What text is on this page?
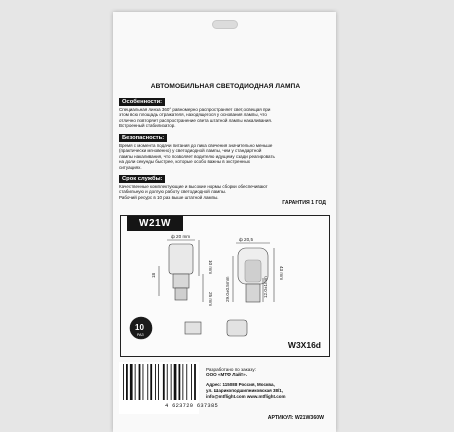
АВТОМОБИЛЬНАЯ СВЕТОДИОДНАЯ ЛАМПА
Особенности:
Специальная линза 360° равномерно распространяет свет,освещая при
этом всю площадь отражателя, находящегося у основания лампы, что
отлично повторяет распространение света штатной лампы накаливания.
Встроенный стабилизатор.
Безопасность:
Время с момента подачи питания до пика свечения значительно меньше
(практически мгновенно) у светодиодной лампы, чем у стандартной
лампы накаливания, что позволяет водителю идущему сзади реагировать
на доли секунды быстрее, которые особо важны в экстренных
ситуациях.
Срок службы:
Качественные комплектующие и высокие нормы сборки обеспечивают
стабильную и долгую работу светодиодной лампы.
Рабочий ресурс в 10 раз выше штатной лампы.
ГАРАНТИЯ 1 ГОД
W21W
ф 20 mm
ф 20,5
10 mm
18
25 mm	29.0±0.5mm
43 mm
12.0±1mm
10
РАЗ
W3X16d
4 623720 637385
Разработано по заказу:
ООО «МТФ Лайт».
Адрес: 115088 Россия, Москва,
ул. Шарикоподшипниковская 38/1,
info@mtflight.com www.mtflight.com
АРТИКУЛ: W21W360W
